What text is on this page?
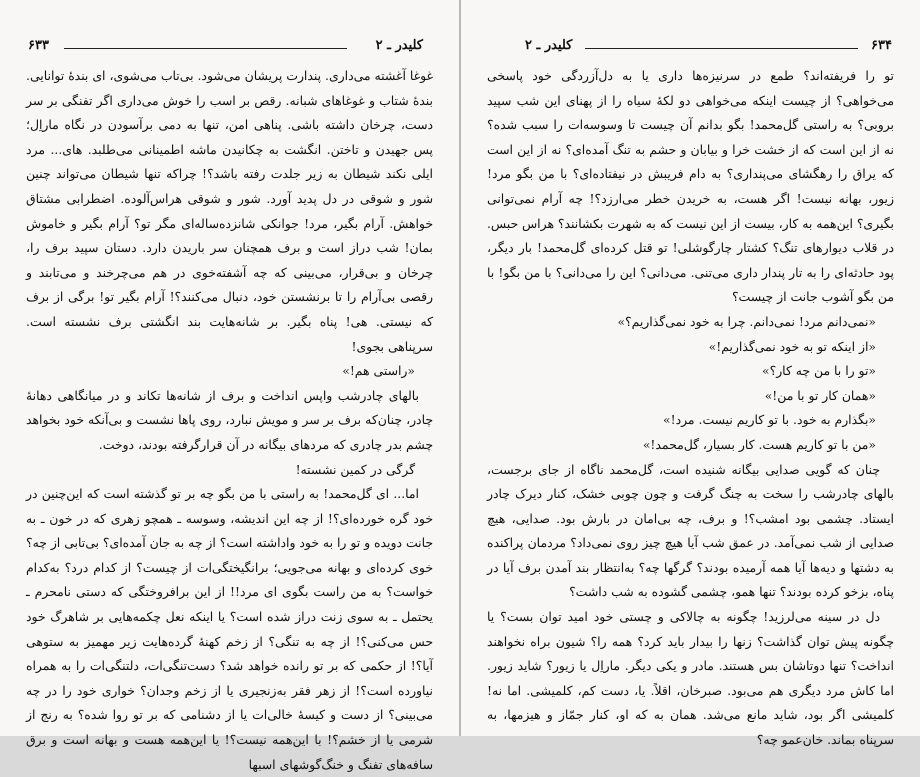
۶۳۳	کلیدر ـ ۲

غوغا آغشته می‌داری. پندارت پریشان می‌شود. بی‌تاب می‌شوی، ای بندهٔ توانایی. بندهٔ شتاب و غوغاهای شبانه. رقص بر اسب را خوش می‌داری اگر تفنگی بر سر دست، چرخان داشته باشی. پناهی امن، تنها به دمی برآسودن در نگاه ماراِل؛ پس جهیدن و تاختن. انگشت به چکانیدن ماشه اطمینانی می‌طلبد. های... مرد ایلی نکند شیطان به زیر جلدت رفته باشد؟! چراکه تنها شیطان می‌تواند چنین شور و شوقی در دل پدید آورد. شور و شوقی هراس‌آلوده. اضطرابی مشتاق خواهش. آرام بگیر، مرد! جوانکی شانزده‌ساله‌ای مگر تو؟ آرام بگیر و خاموش بمان! شب دراز است و برف همچنان سر باریدن دارد. دستان سپید برف را، چرخان و بی‌قرار، می‌بینی که چه آشفته‌خوی در هم می‌چرخند و می‌تابند و رقصی بی‌آرام را تا برنشستن خود، دنبال می‌کنند؟! آرام بگیر تو! برگی از برف که نیستی. هی! پناه بگیر. بر شانه‌هایت بند انگشتی برف نشسته است. سرپناهی بجوی!

«راستی هم!»

بالهای چادرشب واپس انداخت و برف از شانه‌ها تکاند و در میانگاهی دهانهٔ چادر، چنان‌که برف بر سر و مویش نبارد، روی پاها نشست و بی‌آنکه خود بخواهد چشم بدر چادری که مردهای بیگانه در آن قرارگرفته بودند، دوخت.

گرگی در کمین نشسته!

اما... ای گل‌محمد! به راستی با من بگو چه بر تو گذشته است که این‌چنین در خود گره خورده‌ای؟! از چه این اندیشه، وسوسه ـ همچو زهری که در خون ـ به جانت دویده و تو را به خود واداشته است؟ از چه به جان آمده‌ای؟ بی‌تابی از چه؟ خوی کرده‌ای و بهانه می‌جویی؛ برانگیختگی‌ات از چیست؟ از کدام درد؟ به‌کدام خواست؟ به من راست بگوی ای مرد!! از این برافروختگی که دستی نامحرم ـ یحتمل ـ به سوی زنت دراز شده است؟ یا اینکه نعل چکمه‌هایی بر شاهرگ خود حس می‌کنی؟! از چه به تنگی؟ از زخم کهنهٔ گرده‌هایت زیر مهمیز به ستوهی آیا؟! از حکمی که بر تو رانده خواهد شد؟ دست‌تنگی‌ات، دلتنگی‌ات را به همراه نیاورده است؟! از زهر فقر به‌زنجیری یا از زخم وجدان؟ خواری خود را در چه می‌بینی؟ از دست و کیسهٔ خالی‌ات یا از دشنامی که بر تو روا شده؟ به رنج از شرمی یا از خشم؟! با این‌همه نیست؟! یا این‌همه هست و بهانه است و برق سافه‌های تفنگ و خنگ‌گوشهای اسبها

کلیدر ـ ۲	۶۳۴

تو را فریفته‌اند؟ طمع در سرنیزه‌ها داری یا به دل‌آزردگی خود پاسخی می‌خواهی؟ از چیست اینکه می‌خواهی دو لکهٔ سیاه را از پهنای این شب سپید بروبی؟ به راستی گل‌محمد! بگو بدانم آن چیست تا وسوسه‌ات را سبب شده؟ نه از این است که از خشت خرا و بیابان و حشم به تنگ آمده‌ای؟ نه از این است که یراق را رهگشای می‌پنداری؟ به دام فریبش در نیفتاده‌ای؟ با من بگو مرد! زیور، بهانه نیست! اگر هست، به خریدن خطر می‌ارزد؟! چه آرام نمی‌توانی بگیری؟ این‌همه به‌ کار، بیست از این نیست که به شهرت بکشانند؟ هراس حبس. در قلاب دیوارهای تنگ؟ کشتار چارگوشلی! تو قتل کرده‌ای گل‌محمد! بار دیگر، پود حادثه‌ای را به تار پندار داری می‌تنی. می‌دانی؟ این را می‌دانی؟ با من بگو! با من بگو آشوب جانت از چیست؟

«نمی‌دانم مرد! نمی‌دانم. چرا به خود نمی‌گذاریم؟»

«از اینکه تو به خود نمی‌گذاریم!»

«تو را با من چه کار؟»

«همان کار تو با من!»

«بگذارم به خود. با تو کاریم نیست. مرد!»

«من با تو کاریم هست. کار بسیار، گل‌محمد!»

چنان که گویی صدایی بیگانه شنیده است، گل‌محمد ناگاه از جای برجست، بالهای چادرشب را سخت به چنگ گرفت و چون چوبی خشک، کنار دیرک چادر ایستاد. چشمی بود امشب؟! و برف، چه بی‌امان در بارش بود. صدایی، هیچ صدایی از شب نمی‌آمد. در عمق شب آیا هیچ چیز روی نمی‌داد؟ مردمان پراکنده به دشتها و دیه‌ها آیا همه آرمیده بودند؟ گرگها چه؟ به‌انتظار بند آمدن برف آیا در پناه، بزخو کرده بودند؟ تنها همو، چشمی گشوده به شب داشت؟

دل در سینه می‌لرزید! چگونه به چالاکی و چستی خود امید توان بست؟ یا چگونه پیش توان گذاشت؟ زنها را بیدار باید کرد؟ همه را؟ شیون براه نخواهند انداخت؟ تنها دوتاشان بس هستند. مادر و یکی دیگر. ماراِل یا زیور؟ شاید زیور. اما کاش مرد دیگری هم می‌بود. صبرخان، اقلاً. یا، دست کم، کلمیشی. اما نه! کلمیشی اگر بود، شاید مانع می‌شد. همان به که او، کنار جمّاز و هیزمها، به سرپناه بماند. خان‌عمو چه؟
